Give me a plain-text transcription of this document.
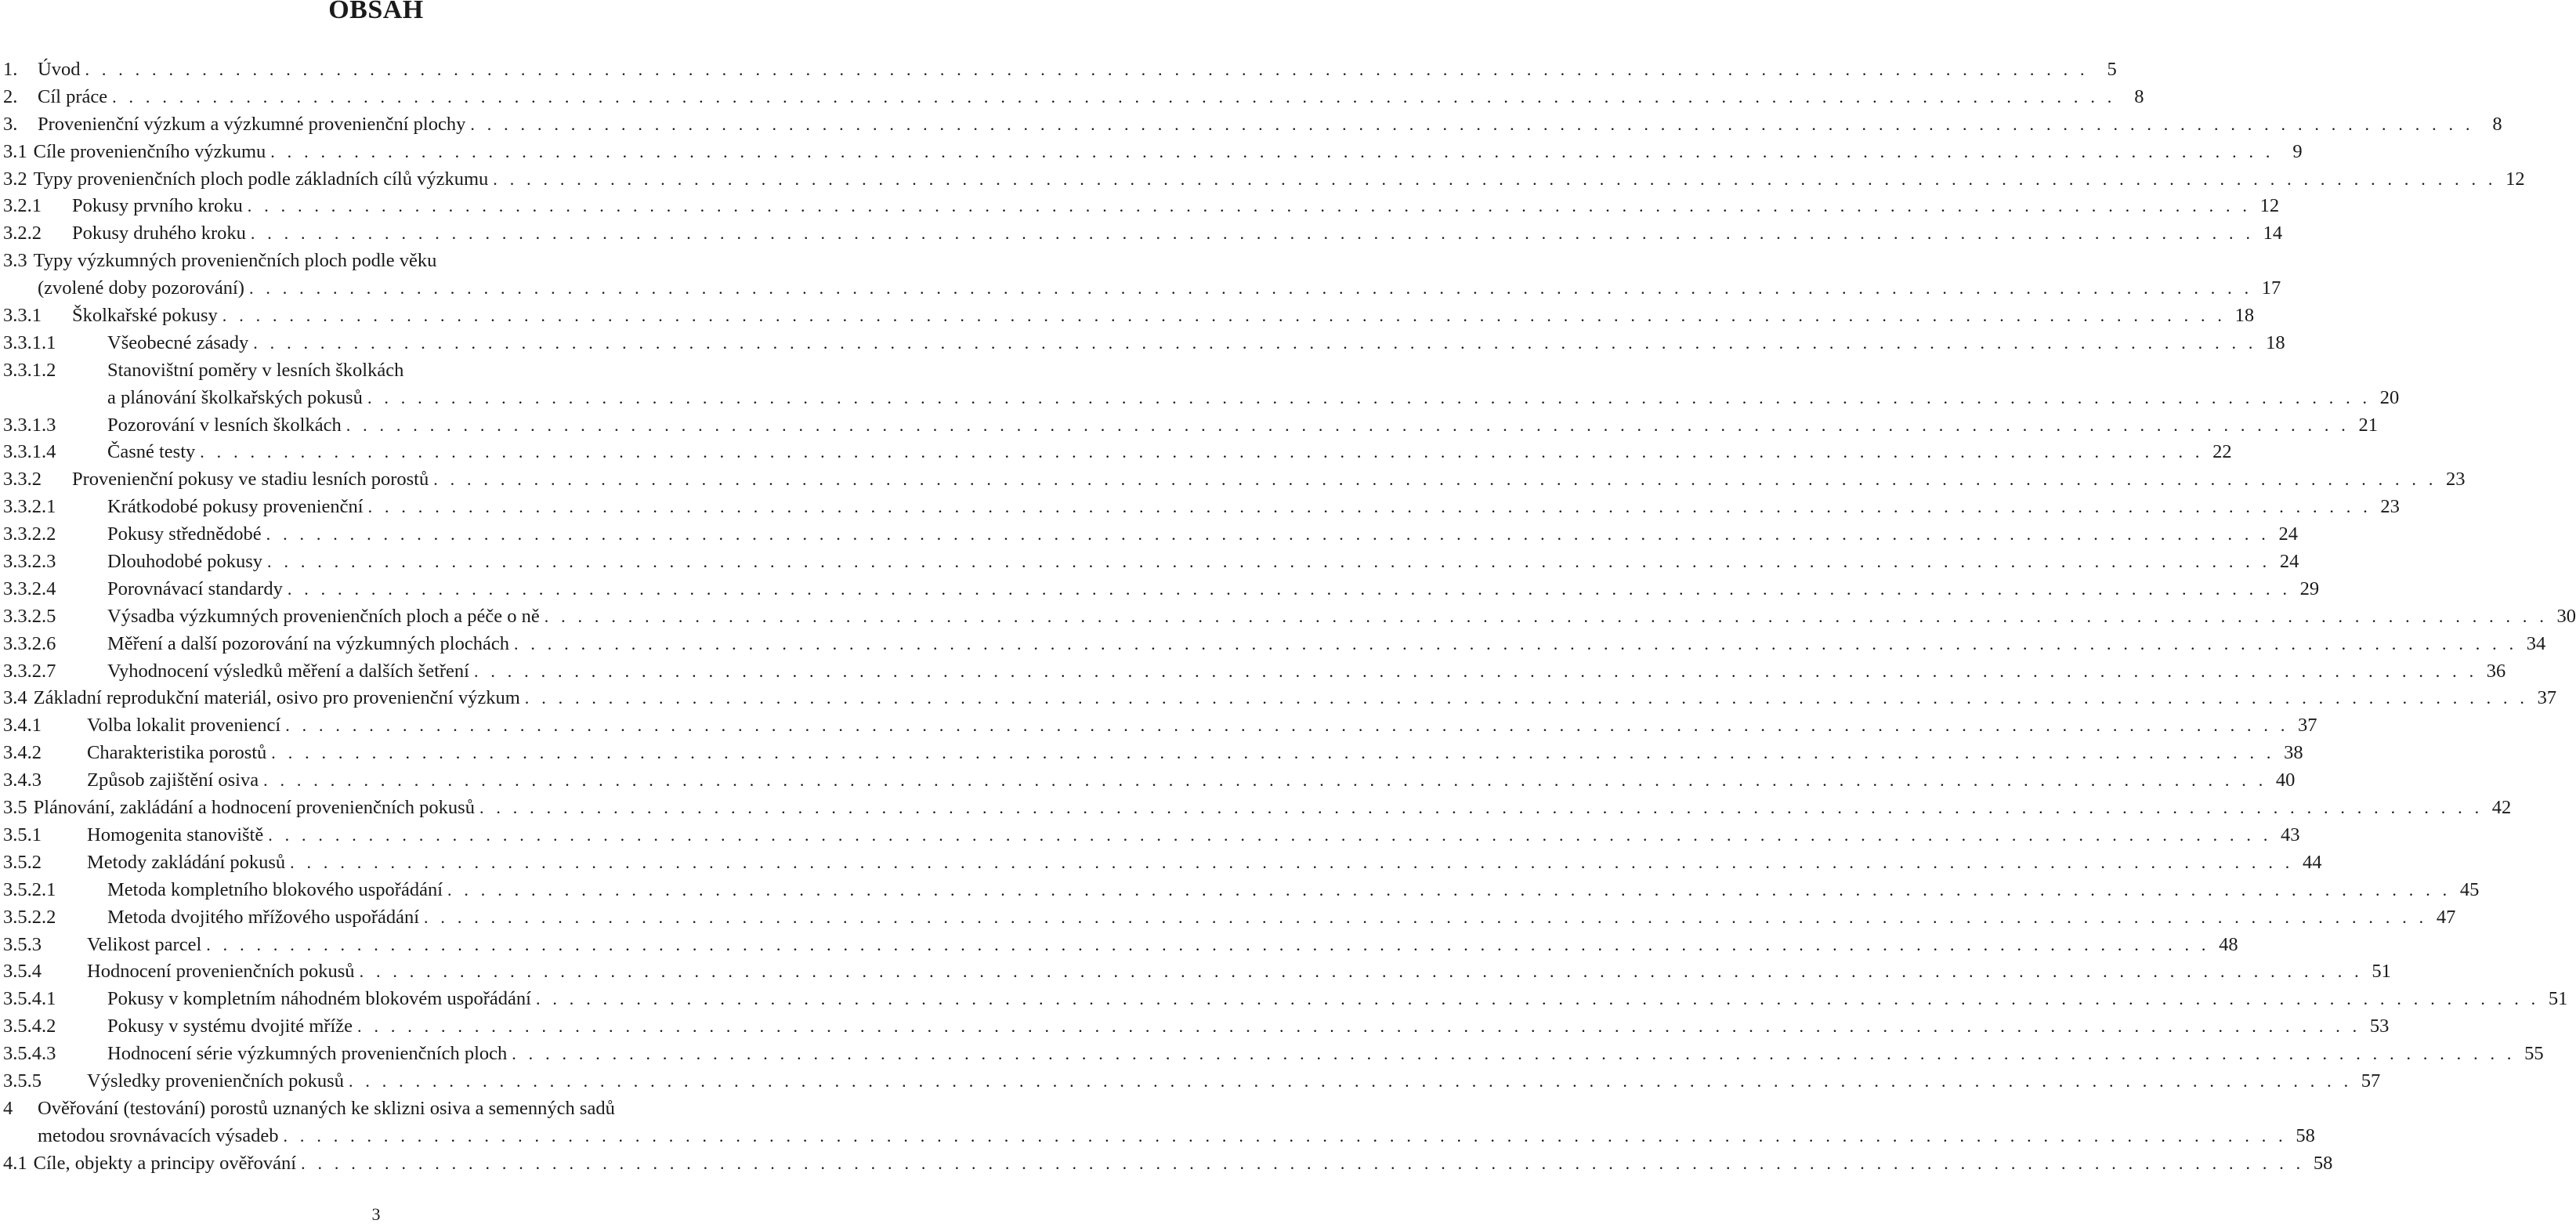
OBSAH
1.	Úvod . . . . . . . . . . . . . . . . . . . . . . . . . . . . . . . . . . . . . . . . . . . . . . . . . . . . . . . . . . . . . . . . . . . . . . . . . . . . . . . . . . . . . . . . . . . . . . . . . . . . . . . . . . . . . . . . . . . . . . . . 5
2.	Cíl práce . . . . . . . . . . . . . . . . . . . . . . . . . . . . . . . . . . . . . . . . . . . . . . . . . . . . . . . . . . . . . . . . . . . . . . . . . . . . . . . . . . . . . . . . . . . . . . . . . . . . . . . . . . . . . . . . . . . . . . . . 8
3.	Provenienční výzkum a výzkumné provenienční plochy . . . . . . . . . . . . . . . . . . . . . . . . . . . . . . . . . . . . . . . . . . . . . . . . . . . . . . . . . . . . . . . . . . . . . . . . . . . . . . . . . . . . . . . . . . . . . . . . . . . . . . . . . . . . . . . . . . . . . . . . 8
3.1 Cíle provenienčního výzkumu . . . . . . . . . . . . . . . . . . . . . . . . . . . . . . . . . . . . . . . . . . . . . . . . . . . . . . . . . . . . . . . . . . . . . . . . . . . . . . . . . . . . . . . . . . . . . . . . . . . . . . . . . . . . . . . . . . . . . . . . 9
3.2 Typy provenienčních ploch podle základních cílů výzkumu . . . . . . . . . . . . . . . . . . . . . . . . . . . . . . . . . . . . . . . . . . . . . . . . . . . . . . . . . . . . . . . . . . . . . . . . . . . . . . . . . . . . . . . . . . . . . . . . . . . . . . . . . . . . . . . . . . . . . . . . 12
3.2.1	Pokusy prvního kroku . . . . . . . . . . . . . . . . . . . . . . . . . . . . . . . . . . . . . . . . . . . . . . . . . . . . . . . . . . . . . . . . . . . . . . . . . . . . . . . . . . . . . . . . . . . . . . . . . . . . . . . . . . . . . . . . . . . . . . . . 12
3.2.2	Pokusy druhého kroku . . . . . . . . . . . . . . . . . . . . . . . . . . . . . . . . . . . . . . . . . . . . . . . . . . . . . . . . . . . . . . . . . . . . . . . . . . . . . . . . . . . . . . . . . . . . . . . . . . . . . . . . . . . . . . . . . . . . . . . . 14
3.3 Typy výzkumných provenienčních ploch podle věku
(zvolené doby pozorování) . . . . . . . . . . . . . . . . . . . . . . . . . . . . . . . . . . . . . . . . . . . . . . . . . . . . . . . . . . . . . . . . . . . . . . . . . . . . . . . . . . . . . . . . . . . . . . . . . . . . . . . . . . . . . . . . . . . . . . . . 17
3.3.1	Školkařské pokusy . . . . . . . . . . . . . . . . . . . . . . . . . . . . . . . . . . . . . . . . . . . . . . . . . . . . . . . . . . . . . . . . . . . . . . . . . . . . . . . . . . . . . . . . . . . . . . . . . . . . . . . . . . . . . . . . . . . . . . . . 18
3.3.1.1	Všeobecné zásady . . . . . . . . . . . . . . . . . . . . . . . . . . . . . . . . . . . . . . . . . . . . . . . . . . . . . . . . . . . . . . . . . . . . . . . . . . . . . . . . . . . . . . . . . . . . . . . . . . . . . . . . . . . . . . . . . . . . . . . . 18
3.3.1.2	Stanovištní poměry v lesních školkách
a plánování školkařských pokusů . . . . . . . . . . . . . . . . . . . . . . . . . . . . . . . . . . . . . . . . . . . . . . . . . . . . . . . . . . . . . . . . . . . . . . . . . . . . . . . . . . . . . . . . . . . . . . . . . . . . . . . . . . . . . . . . . . . . . . . . 20
3.3.1.3	Pozorování v lesních školkách . . . . . . . . . . . . . . . . . . . . . . . . . . . . . . . . . . . . . . . . . . . . . . . . . . . . . . . . . . . . . . . . . . . . . . . . . . . . . . . . . . . . . . . . . . . . . . . . . . . . . . . . . . . . . . . . . . . . . . . . 21
3.3.1.4	Časné testy . . . . . . . . . . . . . . . . . . . . . . . . . . . . . . . . . . . . . . . . . . . . . . . . . . . . . . . . . . . . . . . . . . . . . . . . . . . . . . . . . . . . . . . . . . . . . . . . . . . . . . . . . . . . . . . . . . . . . . . . 22
3.3.2	Provenienční pokusy ve stadiu lesních porostů . . . . . . . . . . . . . . . . . . . . . . . . . . . . . . . . . . . . . . . . . . . . . . . . . . . . . . . . . . . . . . . . . . . . . . . . . . . . . . . . . . . . . . . . . . . . . . . . . . . . . . . . . . . . . . . . . . . . . . . . 23
3.3.2.1	Krátkodobé pokusy provenienční . . . . . . . . . . . . . . . . . . . . . . . . . . . . . . . . . . . . . . . . . . . . . . . . . . . . . . . . . . . . . . . . . . . . . . . . . . . . . . . . . . . . . . . . . . . . . . . . . . . . . . . . . . . . . . . . . . . . . . . . 23
3.3.2.2	Pokusy střednědobé . . . . . . . . . . . . . . . . . . . . . . . . . . . . . . . . . . . . . . . . . . . . . . . . . . . . . . . . . . . . . . . . . . . . . . . . . . . . . . . . . . . . . . . . . . . . . . . . . . . . . . . . . . . . . . . . . . . . . . . . 24
3.3.2.3	Dlouhodobé pokusy . . . . . . . . . . . . . . . . . . . . . . . . . . . . . . . . . . . . . . . . . . . . . . . . . . . . . . . . . . . . . . . . . . . . . . . . . . . . . . . . . . . . . . . . . . . . . . . . . . . . . . . . . . . . . . . . . . . . . . . . 24
3.3.2.4	Porovnávací standardy . . . . . . . . . . . . . . . . . . . . . . . . . . . . . . . . . . . . . . . . . . . . . . . . . . . . . . . . . . . . . . . . . . . . . . . . . . . . . . . . . . . . . . . . . . . . . . . . . . . . . . . . . . . . . . . . . . . . . . . . 29
3.3.2.5	Výsadba výzkumných provenienčních ploch a péče o ně . . . . . . . . . . . . . . . . . . . . . . . . . . . . . . . . . . . . . . . . . . . . . . . . . . . . . . . . . . . . . . . . . . . . . . . . . . . . . . . . . . . . . . . . . . . . . . . . . . . . . . . . . . . . . . . . . . . . . . . . 30
3.3.2.6	Měření a další pozorování na výzkumných plochách . . . . . . . . . . . . . . . . . . . . . . . . . . . . . . . . . . . . . . . . . . . . . . . . . . . . . . . . . . . . . . . . . . . . . . . . . . . . . . . . . . . . . . . . . . . . . . . . . . . . . . . . . . . . . . . . . . . . . . . . 34
3.3.2.7	Vyhodnocení výsledků měření a dalších šetření . . . . . . . . . . . . . . . . . . . . . . . . . . . . . . . . . . . . . . . . . . . . . . . . . . . . . . . . . . . . . . . . . . . . . . . . . . . . . . . . . . . . . . . . . . . . . . . . . . . . . . . . . . . . . . . . . . . . . . . . 36
3.4 Základní reprodukční materiál, osivo pro provenienční výzkum . . . . . . . . . . . . . . . . . . . . . . . . . . . . . . . . . . . . . . . . . . . . . . . . . . . . . . . . . . . . . . . . . . . . . . . . . . . . . . . . . . . . . . . . . . . . . . . . . . . . . . . . . . . . . . . . . . . . . . . . 37
3.4.1	Volba lokalit proveniencí . . . . . . . . . . . . . . . . . . . . . . . . . . . . . . . . . . . . . . . . . . . . . . . . . . . . . . . . . . . . . . . . . . . . . . . . . . . . . . . . . . . . . . . . . . . . . . . . . . . . . . . . . . . . . . . . . . . . . . . . 37
3.4.2	Charakteristika porostů . . . . . . . . . . . . . . . . . . . . . . . . . . . . . . . . . . . . . . . . . . . . . . . . . . . . . . . . . . . . . . . . . . . . . . . . . . . . . . . . . . . . . . . . . . . . . . . . . . . . . . . . . . . . . . . . . . . . . . . . 38
3.4.3	Způsob zajištění osiva . . . . . . . . . . . . . . . . . . . . . . . . . . . . . . . . . . . . . . . . . . . . . . . . . . . . . . . . . . . . . . . . . . . . . . . . . . . . . . . . . . . . . . . . . . . . . . . . . . . . . . . . . . . . . . . . . . . . . . . . 40
3.5 Plánování, zakládání a hodnocení provenienčních pokusů . . . . . . . . . . . . . . . . . . . . . . . . . . . . . . . . . . . . . . . . . . . . . . . . . . . . . . . . . . . . . . . . . . . . . . . . . . . . . . . . . . . . . . . . . . . . . . . . . . . . . . . . . . . . . . . . . . . . . . . . 42
3.5.1	Homogenita stanoviště . . . . . . . . . . . . . . . . . . . . . . . . . . . . . . . . . . . . . . . . . . . . . . . . . . . . . . . . . . . . . . . . . . . . . . . . . . . . . . . . . . . . . . . . . . . . . . . . . . . . . . . . . . . . . . . . . . . . . . . . 43
3.5.2	Metody zakládání pokusů . . . . . . . . . . . . . . . . . . . . . . . . . . . . . . . . . . . . . . . . . . . . . . . . . . . . . . . . . . . . . . . . . . . . . . . . . . . . . . . . . . . . . . . . . . . . . . . . . . . . . . . . . . . . . . . . . . . . . . . . 44
3.5.2.1	Metoda kompletního blokového uspořádání . . . . . . . . . . . . . . . . . . . . . . . . . . . . . . . . . . . . . . . . . . . . . . . . . . . . . . . . . . . . . . . . . . . . . . . . . . . . . . . . . . . . . . . . . . . . . . . . . . . . . . . . . . . . . . . . . . . . . . . . 45
3.5.2.2	Metoda dvojitého mřížového uspořádání . . . . . . . . . . . . . . . . . . . . . . . . . . . . . . . . . . . . . . . . . . . . . . . . . . . . . . . . . . . . . . . . . . . . . . . . . . . . . . . . . . . . . . . . . . . . . . . . . . . . . . . . . . . . . . . . . . . . . . . . 47
3.5.3	Velikost parcel . . . . . . . . . . . . . . . . . . . . . . . . . . . . . . . . . . . . . . . . . . . . . . . . . . . . . . . . . . . . . . . . . . . . . . . . . . . . . . . . . . . . . . . . . . . . . . . . . . . . . . . . . . . . . . . . . . . . . . . . 48
3.5.4	Hodnocení provenienčních pokusů . . . . . . . . . . . . . . . . . . . . . . . . . . . . . . . . . . . . . . . . . . . . . . . . . . . . . . . . . . . . . . . . . . . . . . . . . . . . . . . . . . . . . . . . . . . . . . . . . . . . . . . . . . . . . . . . . . . . . . . . 51
3.5.4.1	Pokusy v kompletním náhodném blokovém uspořádání . . . . . . . . . . . . . . . . . . . . . . . . . . . . . . . . . . . . . . . . . . . . . . . . . . . . . . . . . . . . . . . . . . . . . . . . . . . . . . . . . . . . . . . . . . . . . . . . . . . . . . . . . . . . . . . . . . . . . . . . 51
3.5.4.2	Pokusy v systému dvojité mříže . . . . . . . . . . . . . . . . . . . . . . . . . . . . . . . . . . . . . . . . . . . . . . . . . . . . . . . . . . . . . . . . . . . . . . . . . . . . . . . . . . . . . . . . . . . . . . . . . . . . . . . . . . . . . . . . . . . . . . . . 53
3.5.4.3	Hodnocení série výzkumných provenienčních ploch . . . . . . . . . . . . . . . . . . . . . . . . . . . . . . . . . . . . . . . . . . . . . . . . . . . . . . . . . . . . . . . . . . . . . . . . . . . . . . . . . . . . . . . . . . . . . . . . . . . . . . . . . . . . . . . . . . . . . . . . 55
3.5.5	Výsledky provenienčních pokusů . . . . . . . . . . . . . . . . . . . . . . . . . . . . . . . . . . . . . . . . . . . . . . . . . . . . . . . . . . . . . . . . . . . . . . . . . . . . . . . . . . . . . . . . . . . . . . . . . . . . . . . . . . . . . . . . . . . . . . . . 57
4	Ověřování (testování) porostů uznaných ke sklizni osiva a semenných sadů
metodou srovnávacích výsadeb . . . . . . . . . . . . . . . . . . . . . . . . . . . . . . . . . . . . . . . . . . . . . . . . . . . . . . . . . . . . . . . . . . . . . . . . . . . . . . . . . . . . . . . . . . . . . . . . . . . . . . . . . . . . . . . . . . . . . . . . 58
4.1 Cíle, objekty a principy ověřování . . . . . . . . . . . . . . . . . . . . . . . . . . . . . . . . . . . . . . . . . . . . . . . . . . . . . . . . . . . . . . . . . . . . . . . . . . . . . . . . . . . . . . . . . . . . . . . . . . . . . . . . . . . . . . . . . . . . . . . . 58
3
